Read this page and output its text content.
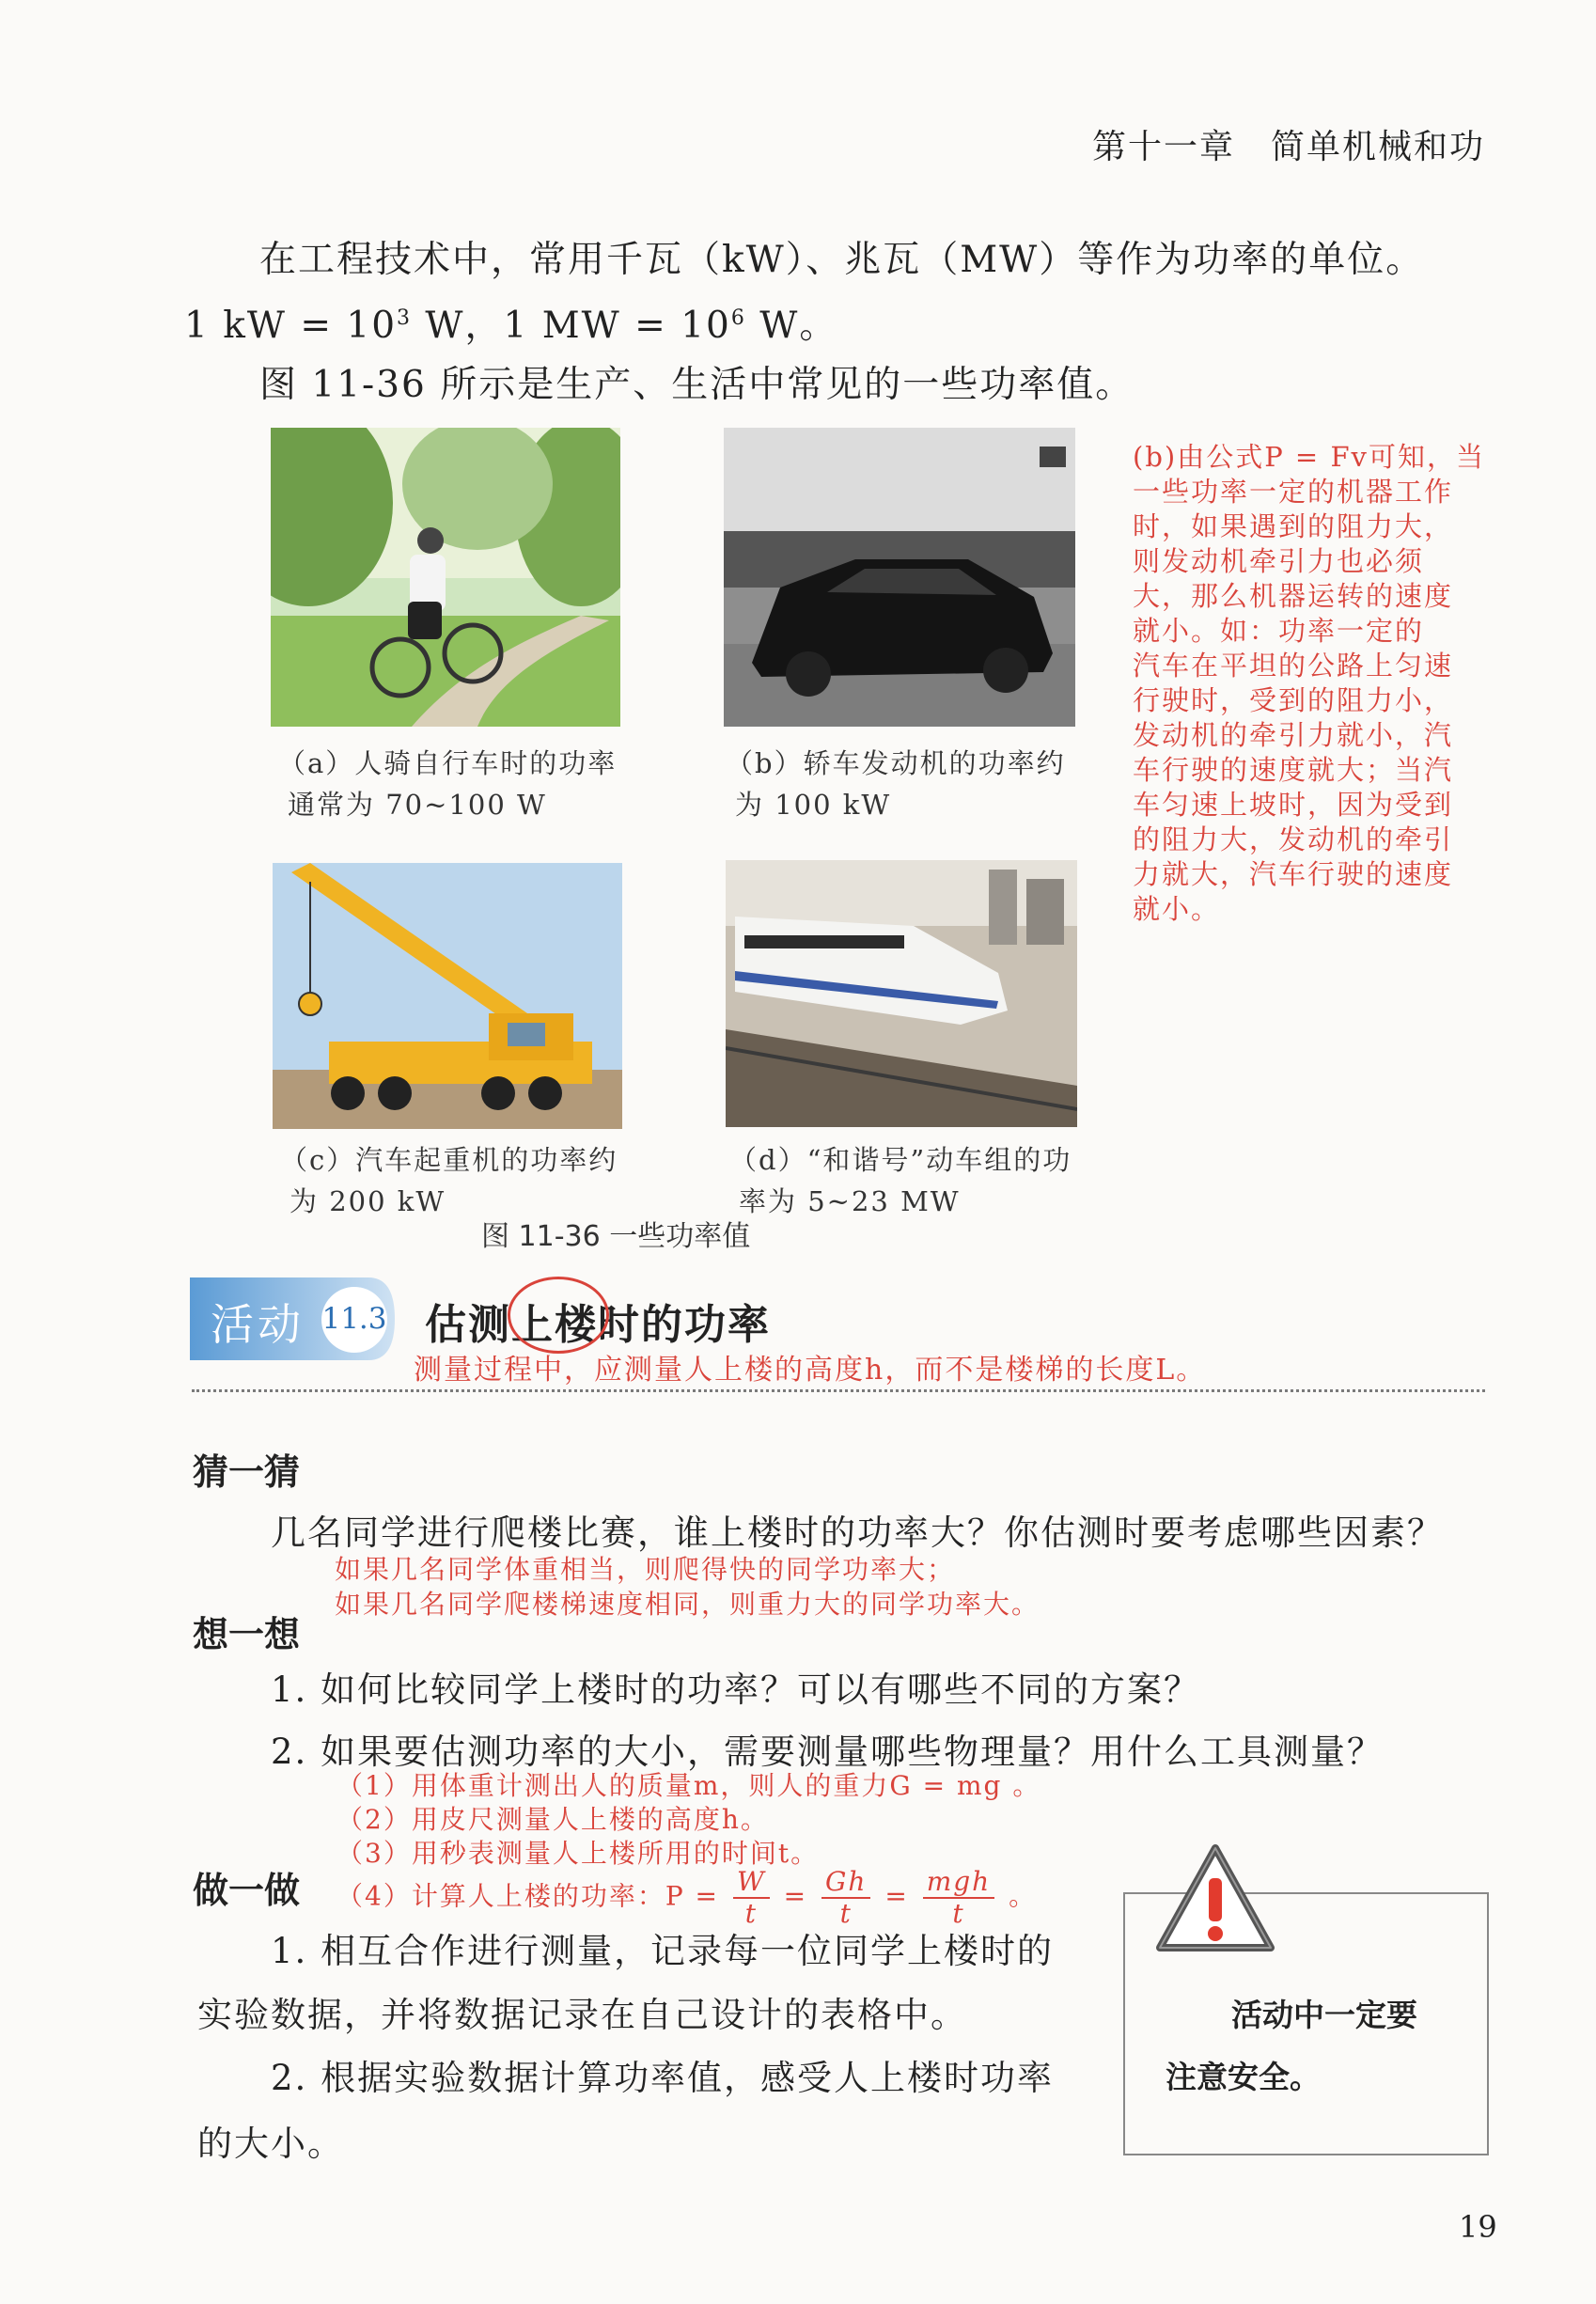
第十一章　简单机械和功
在工程技术中，常用千瓦（kW）、兆瓦（MW）等作为功率的单位。
1 kW = $10^3$ W，1 MW = $10^6$ W。
图 11-36 所示是生产、生活中常见的一些功率值。
（a）人骑自行车时的功率
通常为 70~100 W
（b）轿车发动机的功率约
为 100 kW
（c）汽车起重机的功率约
为 200 kW
（d）“和谐号”动车组的功
率为 5~23 MW
(b)由公式P = Fv可知，当
一些功率一定的机器工作
时，如果遇到的阻力大，
则发动机牵引力也必须
大，那么机器运转的速度
就小。如：功率一定的
汽车在平坦的公路上匀速
行驶时，受到的阻力小，
发动机的牵引力就小，汽
车行驶的速度就大；当汽
车匀速上坡时，因为受到
的阻力大，发动机的牵引
力就大，汽车行驶的速度
就小。
图 11-36 一些功率值
活动 11.3 估测上楼时的功率
测量过程中，应测量人上楼的高度h，而不是楼梯的长度L。
猜一猜
几名同学进行爬楼比赛，谁上楼时的功率大？你估测时要考虑哪些因素？
如果几名同学体重相当，则爬得快的同学功率大；
如果几名同学爬楼梯速度相同，则重力大的同学功率大。
想一想
1. 如何比较同学上楼时的功率？可以有哪些不同的方案？
2. 如果要估测功率的大小，需要测量哪些物理量？用什么工具测量？
（1）用体重计测出人的质量m，则人的重力G = mg 。
（2）用皮尺测量人上楼的高度h。
（3）用秒表测量人上楼所用的时间t。
（4）计算人上楼的功率：$P = \frac{W}{t} = \frac{Gh}{t} = \frac{\text{mgh}}{t}$ 。
做一做
1. 相互合作进行测量，记录每一位同学上楼时的
实验数据，并将数据记录在自己设计的表格中。
2. 根据实验数据计算功率值，感受人上楼时功率
的大小。
活动中一定要
注意安全。
19
